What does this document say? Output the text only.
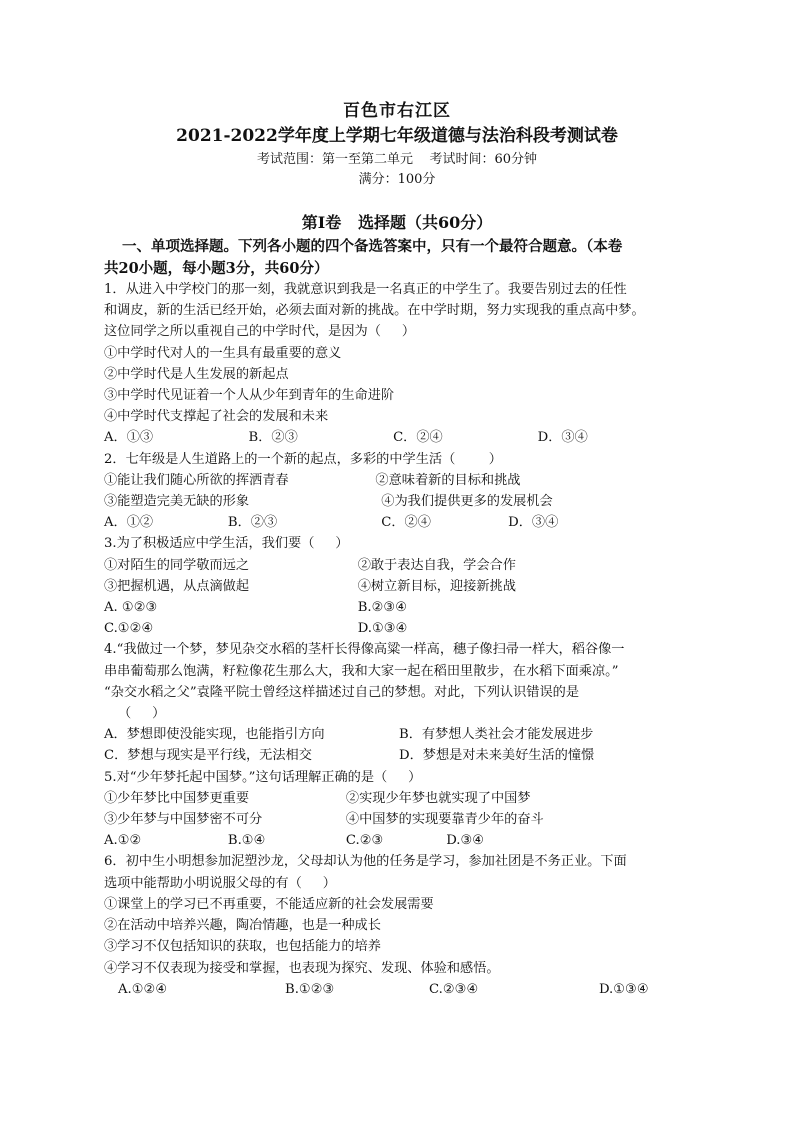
百色市右江区
2021-2022学年度上学期七年级道德与法治科段考测试卷
考试范围：第一至第二单元    考试时间：60分钟
满分：100分
第Ⅰ卷   选择题（共60分）
一、单项选择题。下列各小题的四个备选答案中，只有一个最符合题意。（本卷
共20小题，每小题3分，共60分）
1．从进入中学校门的那一刻，我就意识到我是一名真正的中学生了。我要告别过去的任性
和调皮，新的生活已经开始，必须去面对新的挑战。在中学时期，努力实现我的重点高中梦。
这位同学之所以重视自己的中学时代，是因为（     ）
①中学时代对人的一生具有最重要的意义
②中学时代是人生发展的新起点
③中学时代见证着一个人从少年到青年的生命进阶
④中学时代支撑起了社会的发展和未来
A．①③	B．②③	C．②④	D．③④
2．七年级是人生道路上的一个新的起点，多彩的中学生活（        ）
①能让我们随心所欲的挥洒青春	②意味着新的目标和挑战
③能塑造完美无缺的形象	④为我们提供更多的发展机会
A．①②	B．②③	C．②④	D．③④
3.为了积极适应中学生活，我们要（     ）
①对陌生的同学敬而远之	②敢于表达自我，学会合作
③把握机遇，从点滴做起	④树立新目标，迎接新挑战
A. ①②③	B.②③④
C.①②④	D.①③④
4.“我做过一个梦，梦见杂交水稻的茎杆长得像高粱一样高，穗子像扫帚一样大，稻谷像一
串串葡萄那么饱满，籽粒像花生那么大，我和大家一起在稻田里散步，在水稻下面乘凉。”
“杂交水稻之父”袁隆平院士曾经这样描述过自己的梦想。对此，下列认识错误的是
（     ）
A．梦想即使没能实现，也能指引方向	B．有梦想人类社会才能发展进步
C．梦想与现实是平行线，无法相交	D．梦想是对未来美好生活的憧憬
5.对“少年梦托起中国梦。”这句话理解正确的是（     ）
①少年梦比中国梦更重要	②实现少年梦也就实现了中国梦
③少年梦与中国梦密不可分	④中国梦的实现要靠青少年的奋斗
A.①②	B.①④	C.②③	D.③④
6．初中生小明想参加泥塑沙龙，父母却认为他的任务是学习，参加社团是不务正业。下面
选项中能帮助小明说服父母的有（     ）
①课堂上的学习已不再重要，不能适应新的社会发展需要
②在活动中培养兴趣，陶冶情趣，也是一种成长
③学习不仅包括知识的获取，也包括能力的培养
④学习不仅表现为接受和掌握，也表现为探究、发现、体验和感悟。
A.①②④	B.①②③	C.②③④	D.①③④
